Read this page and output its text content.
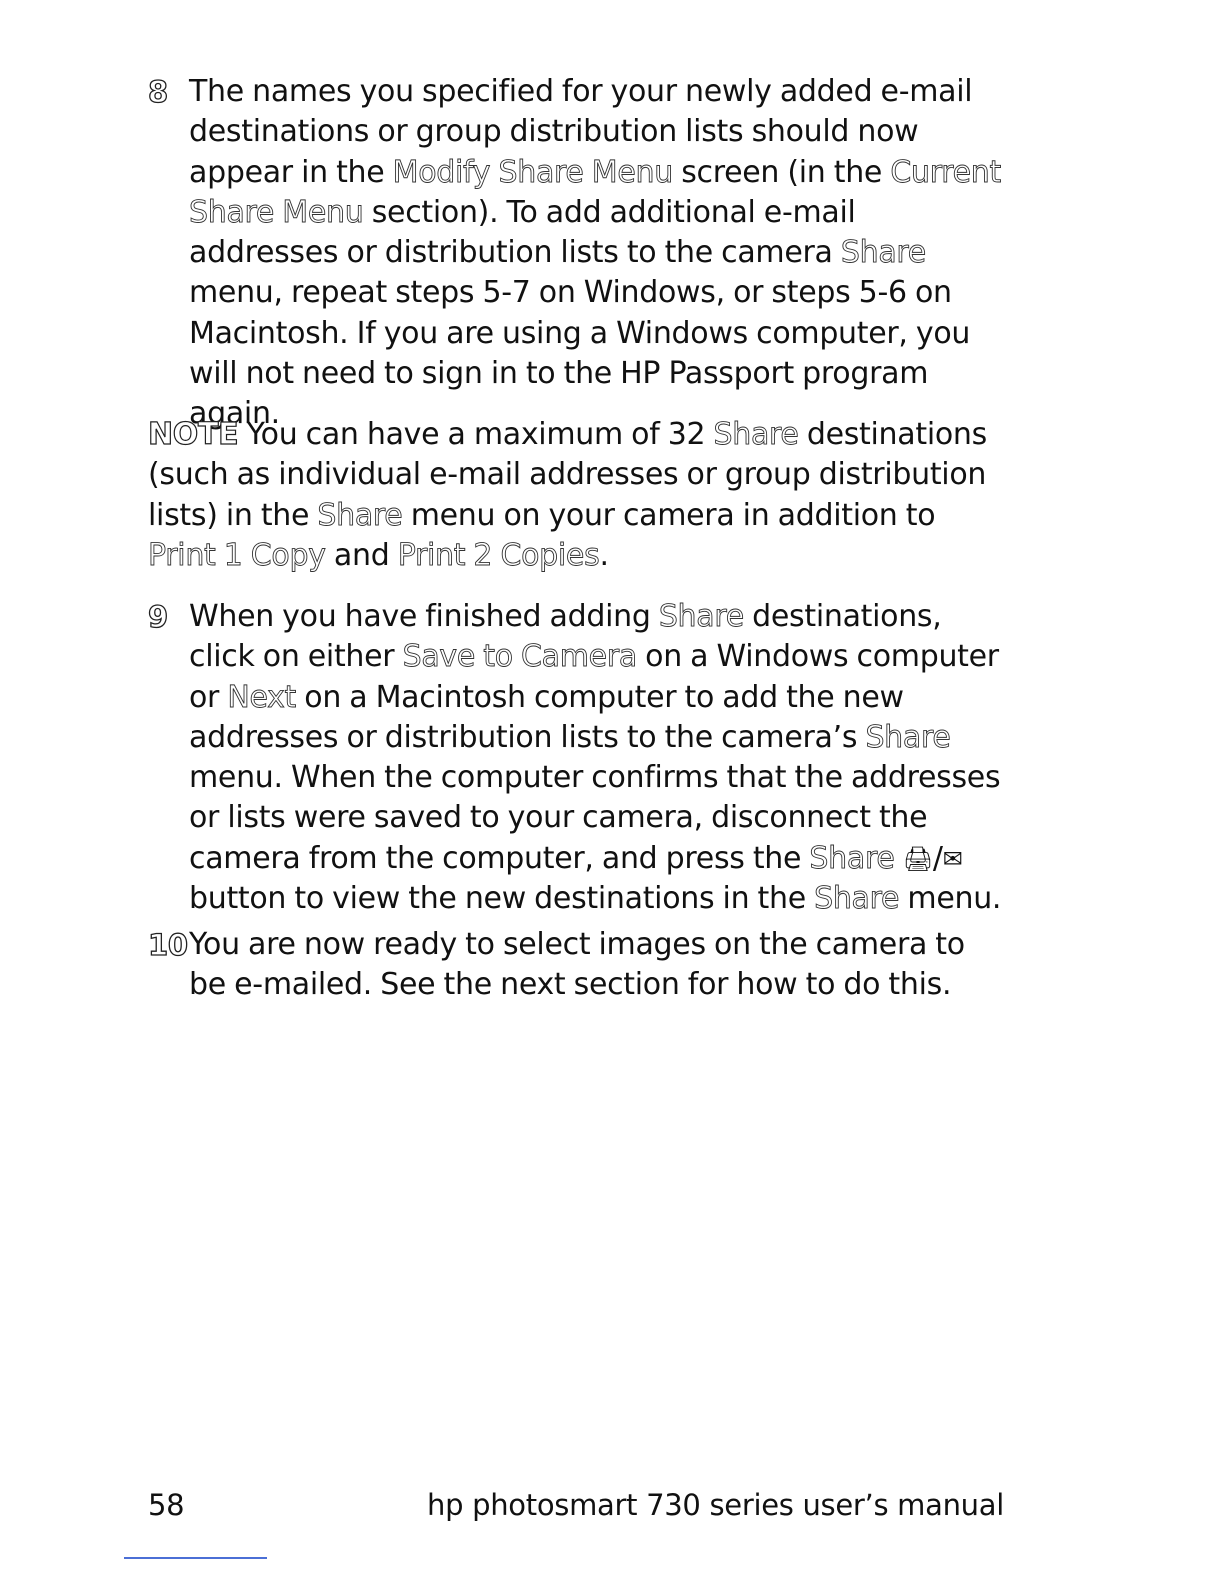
8 The names you specified for your newly added e-mail destinations or group distribution lists should now appear in the Modify Share Menu screen (in the Current Share Menu section). To add additional e-mail addresses or distribution lists to the camera Share menu, repeat steps 5-7 on Windows, or steps 5-6 on Macintosh. If you are using a Windows computer, you will not need to sign in to the HP Passport program again.
NOTE You can have a maximum of 32 Share destinations (such as individual e-mail addresses or group distribution lists) in the Share menu on your camera in addition to Print 1 Copy and Print 2 Copies.
9 When you have finished adding Share destinations, click on either Save to Camera on a Windows computer or Next on a Macintosh computer to add the new addresses or distribution lists to the camera’s Share menu. When the computer confirms that the addresses or lists were saved to your camera, disconnect the camera from the computer, and press the Share 🖨/✉ button to view the new destinations in the Share menu.
10 You are now ready to select images on the camera to be e-mailed. See the next section for how to do this.
58	hp photosmart 730 series user’s manual
